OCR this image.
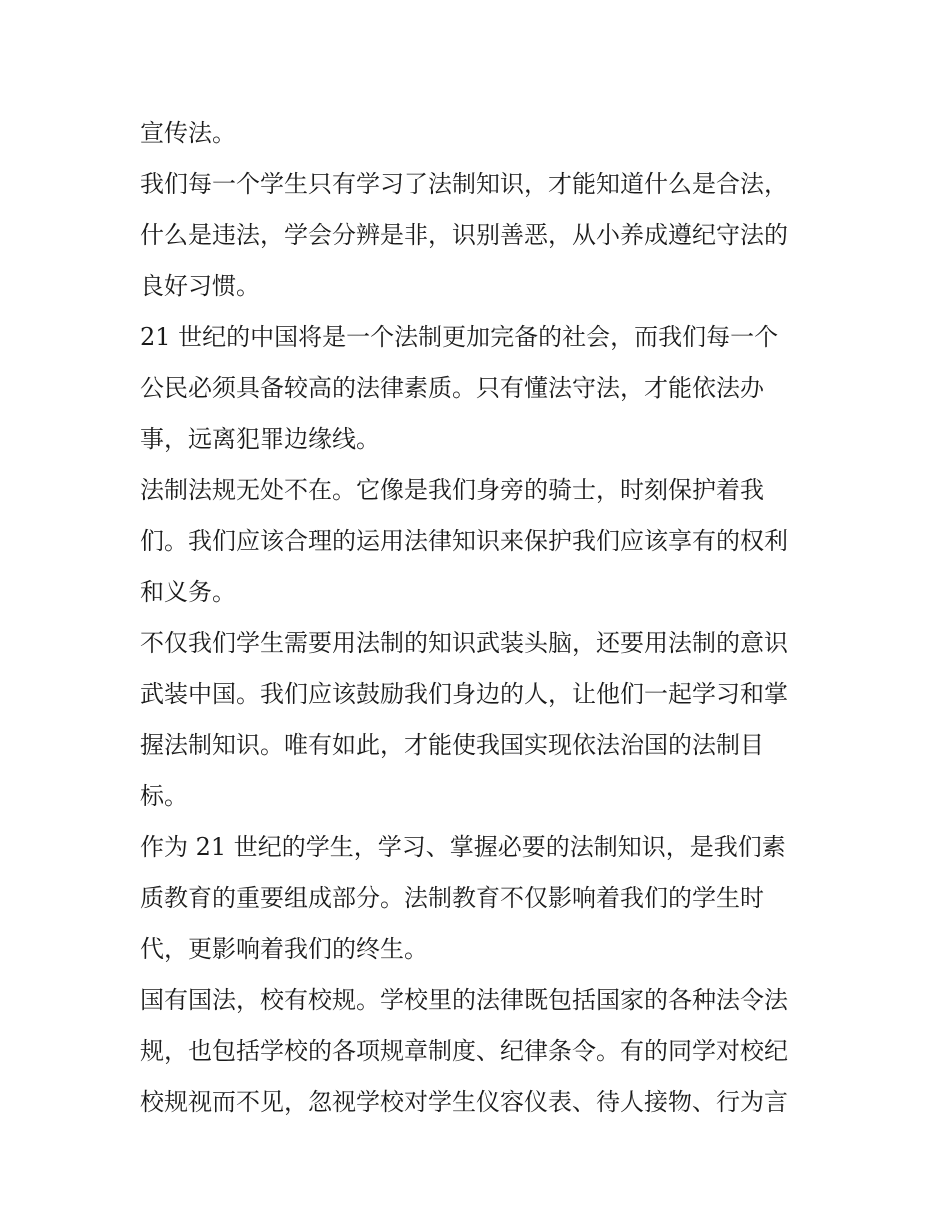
宣传法。
我们每一个学生只有学习了法制知识，才能知道什么是合法，
什么是违法，学会分辨是非，识别善恶，从小养成遵纪守法的
良好习惯。
21 世纪的中国将是一个法制更加完备的社会，而我们每一个
公民必须具备较高的法律素质。只有懂法守法，才能依法办
事，远离犯罪边缘线。
法制法规无处不在。它像是我们身旁的骑士，时刻保护着我
们。我们应该合理的运用法律知识来保护我们应该享有的权利
和义务。
不仅我们学生需要用法制的知识武装头脑，还要用法制的意识
武装中国。我们应该鼓励我们身边的人，让他们一起学习和掌
握法制知识。唯有如此，才能使我国实现依法治国的法制目
标。
作为 21 世纪的学生，学习、掌握必要的法制知识，是我们素
质教育的重要组成部分。法制教育不仅影响着我们的学生时
代，更影响着我们的终生。
国有国法，校有校规。学校里的法律既包括国家的各种法令法
规，也包括学校的各项规章制度、纪律条令。有的同学对校纪
校规视而不见，忽视学校对学生仪容仪表、待人接物、行为言
